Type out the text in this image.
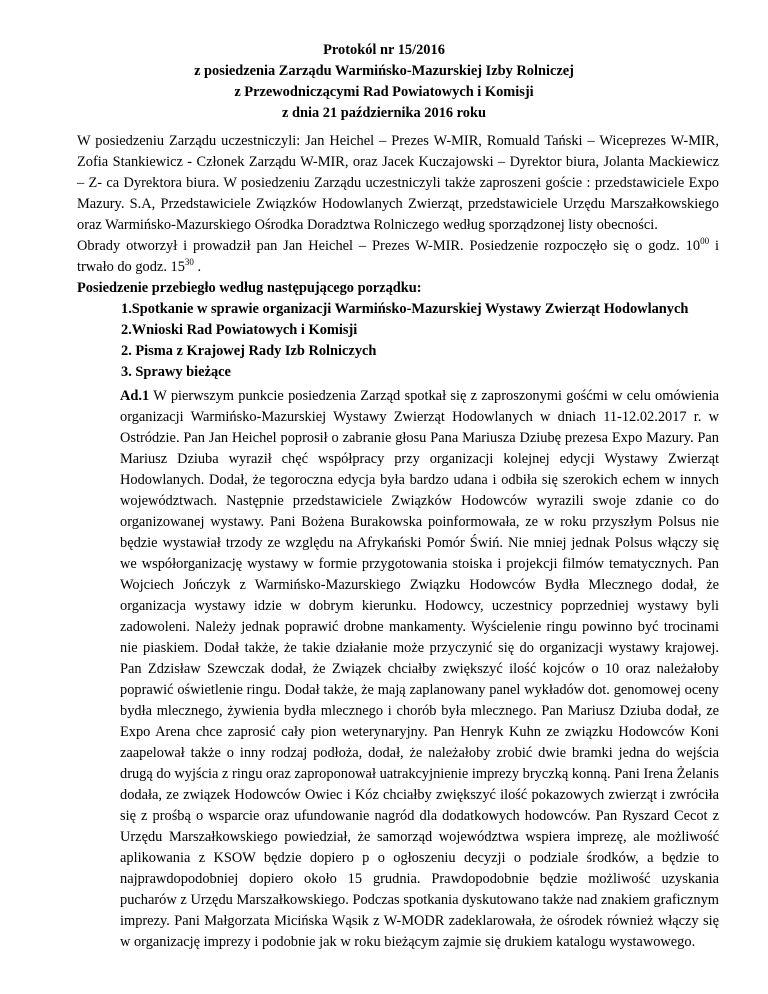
Protokól nr 15/2016
z posiedzenia Zarządu Warmińsko-Mazurskiej Izby Rolniczej
z Przewodniczącymi Rad Powiatowych i Komisji
z dnia 21 października 2016 roku

W posiedzeniu Zarządu uczestniczyli: Jan Heichel – Prezes W-MIR, Romuald Tański – Wiceprezes W-MIR, Zofia Stankiewicz - Członek Zarządu W-MIR, oraz Jacek Kuczajowski – Dyrektor biura, Jolanta Mackiewicz – Z- ca Dyrektora biura. W posiedzeniu Zarządu uczestniczyli także zaproszeni goście : przedstawiciele Expo Mazury. S.A, Przedstawiciele Związków Hodowlanych Zwierząt, przedstawiciele Urzędu Marszałkowskiego oraz Warmińsko-Mazurskiego Ośrodka Doradztwa Rolniczego według sporządzonej listy obecności.

Obrady otworzył i prowadził pan Jan Heichel – Prezes W-MIR. Posiedzenie rozpoczęło się o godz. $10^{00}$ i trwało do godz. $15^{30}$ .

Posiedzenie przebiegło według następującego porządku:

1.Spotkanie w sprawie organizacji Warmińsko-Mazurskiej Wystawy Zwierząt Hodowlanych
2.Wnioski Rad Powiatowych i Komisji
2. Pisma z Krajowej Rady Izb Rolniczych
3. Sprawy bieżące

Ad.1 W pierwszym punkcie posiedzenia Zarząd spotkał się z zaproszonymi gośćmi w celu omówienia organizacji Warmińsko-Mazurskiej Wystawy Zwierząt Hodowlanych w dniach 11-12.02.2017 r. w Ostródzie. Pan Jan Heichel poprosił o zabranie głosu Pana Mariusza Dziubę prezesa Expo Mazury. Pan Mariusz Dziuba wyraził chęć współpracy przy organizacji kolejnej edycji Wystawy Zwierząt Hodowlanych. Dodał, że tegoroczna edycja była bardzo udana i odbiła się szerokich echem w innych województwach. Następnie przedstawiciele Związków Hodowców wyrazili swoje zdanie co do organizowanej wystawy. Pani Bożena Burakowska poinformowała, ze w roku przyszłym Polsus nie będzie wystawiał trzody ze względu na Afrykański Pomór Świń. Nie mniej jednak Polsus włączy się we współorganizację wystawy w formie przygotowania stoiska i projekcji filmów tematycznych. Pan Wojciech Jończyk z Warmińsko-Mazurskiego Związku Hodowców Bydła Mlecznego dodał, że organizacja wystawy idzie w dobrym kierunku. Hodowcy, uczestnicy poprzedniej wystawy byli zadowoleni. Należy jednak poprawić drobne mankamenty. Wyścielenie ringu powinno być trocinami nie piaskiem. Dodał także, że takie działanie może przyczynić się do organizacji wystawy krajowej. Pan Zdzisław Szewczak dodał, że Związek chciałby zwiększyć ilość kojców o 10 oraz należałoby poprawić oświetlenie ringu. Dodał także, że mają zaplanowany panel wykładów dot. genomowej oceny bydła mlecznego, żywienia bydła mlecznego i chorób była mlecznego. Pan Mariusz Dziuba dodał, ze Expo Arena chce zaprosić cały pion weterynaryjny. Pan Henryk Kuhn ze związku Hodowców Koni zaapelował także o inny rodzaj podłoża, dodał, że należałoby zrobić dwie bramki jedna do wejścia drugą do wyjścia z ringu oraz zaproponował uatrakcyjnienie imprezy bryczką konną. Pani Irena Żelanis dodała, ze związek Hodowców Owiec i Kóz chciałby zwiększyć ilość pokazowych zwierząt i zwróciła się z prośbą o wsparcie oraz ufundowanie nagród dla dodatkowych hodowców. Pan Ryszard Cecot z Urzędu Marszałkowskiego powiedział, że samorząd województwa wspiera imprezę, ale możliwość aplikowania z KSOW będzie dopiero p o ogłoszeniu decyzji o podziale środków, a będzie to najprawdopodobniej dopiero około 15 grudnia. Prawdopodobnie będzie możliwość uzyskania pucharów z Urzędu Marszałkowskiego. Podczas spotkania dyskutowano także nad znakiem graficznym imprezy. Pani Małgorzata Micińska Wąsik z W-MODR zadeklarowała, że ośrodek również włączy się w organizację imprezy i podobnie jak w roku bieżącym zajmie się drukiem katalogu wystawowego.
